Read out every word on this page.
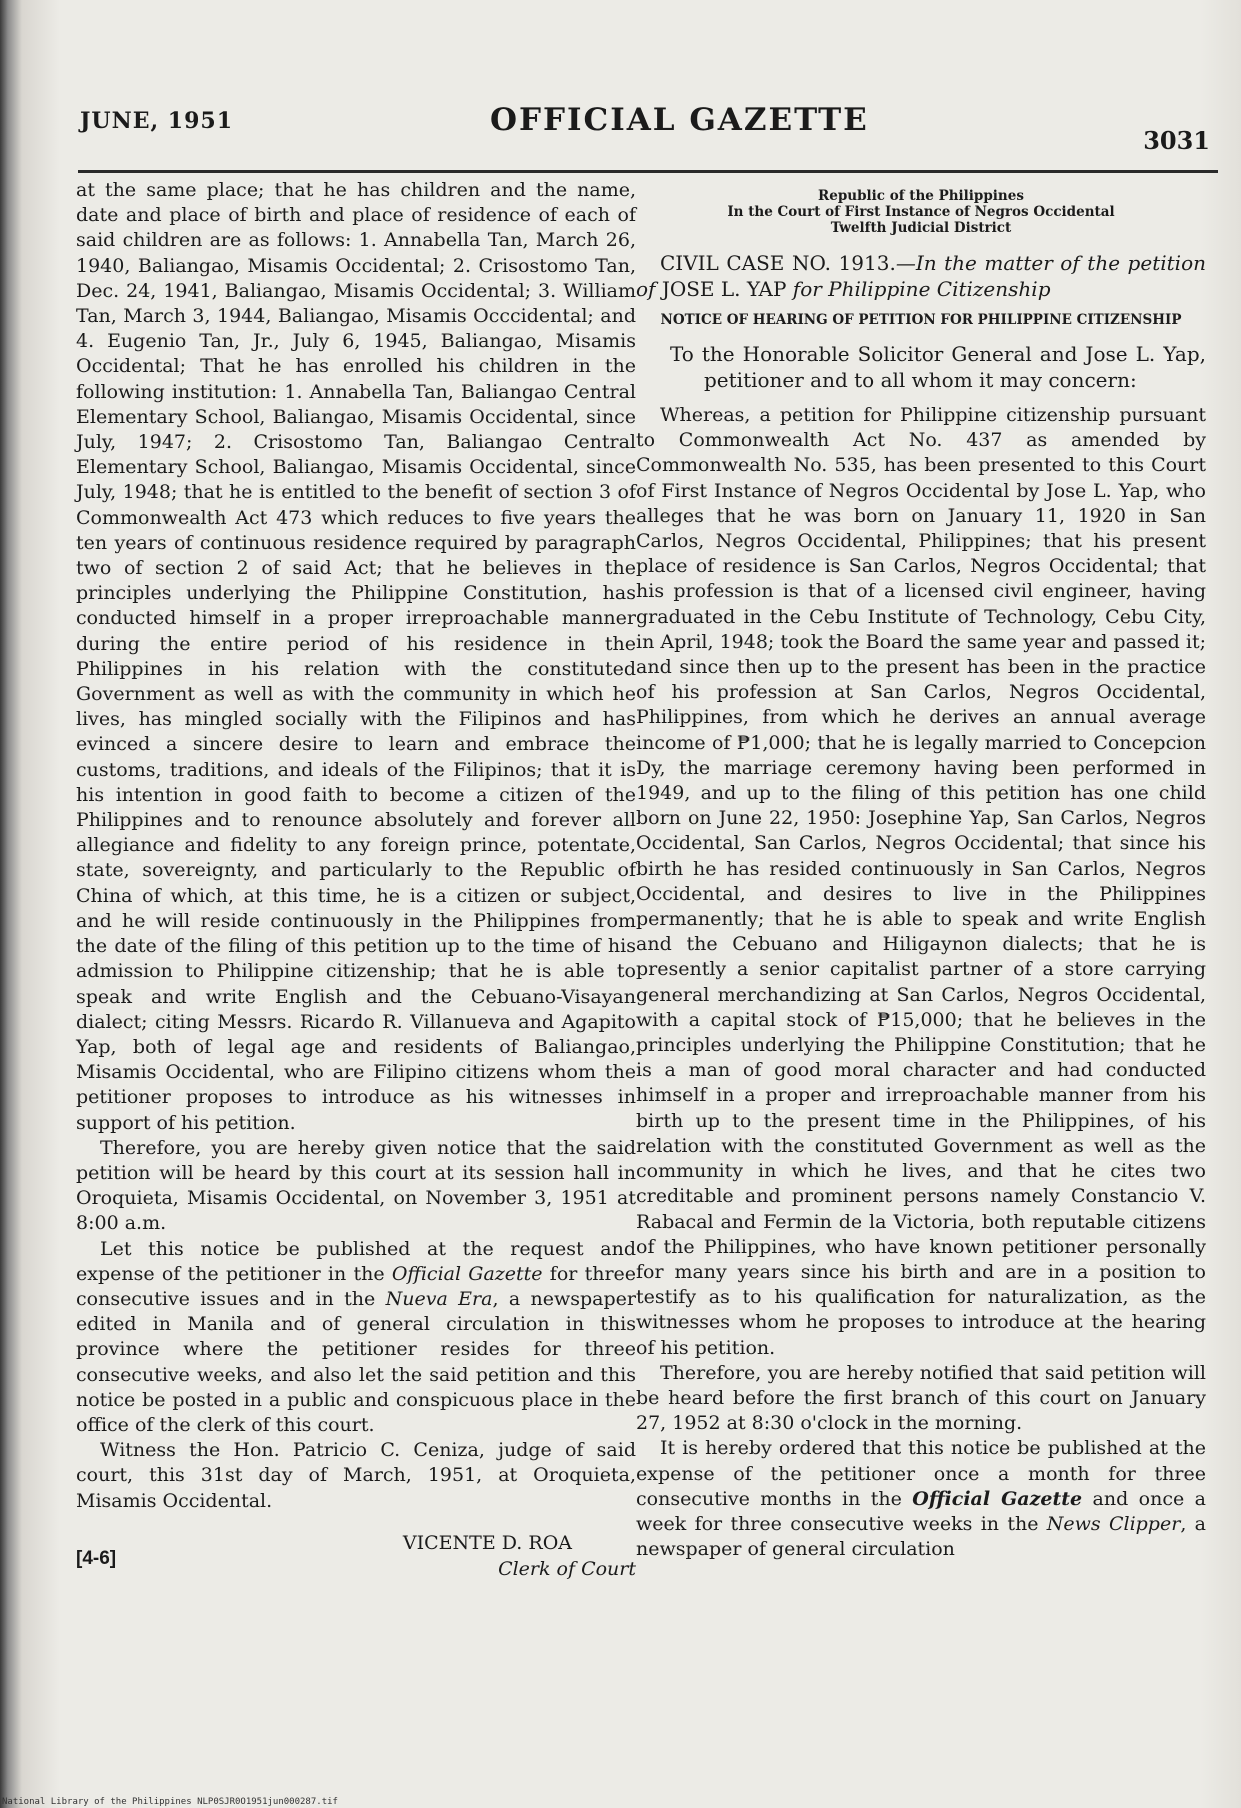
JUNE, 1951	OFFICIAL GAZETTE
3031

at the same place; that he has children and the name, date and place of birth and place of residence of each of said children are as follows: 1. Annabella Tan, March 26, 1940, Baliangao, Misamis Occidental; 2. Crisostomo Tan, Dec. 24, 1941, Baliangao, Misamis Occidental; 3. William Tan, March 3, 1944, Baliangao, Misamis Occcidental; and 4. Eugenio Tan, Jr., July 6, 1945, Baliangao, Misamis Occidental; That he has enrolled his children in the following institution: 1. Annabella Tan, Baliangao Central Elementary School, Baliangao, Misamis Occidental, since July, 1947; 2. Crisostomo Tan, Baliangao Central Elementary School, Baliangao, Misamis Occidental, since July, 1948; that he is entitled to the benefit of section 3 of Commonwealth Act 473 which reduces to five years the ten years of continuous residence required by paragraph two of section 2 of said Act; that he believes in the principles underlying the Philippine Constitution, has conducted himself in a proper irreproachable manner during the entire period of his residence in the Philippines in his relation with the constituted Government as well as with the community in which he lives, has mingled socially with the Filipinos and has evinced a sincere desire to learn and embrace the customs, traditions, and ideals of the Filipinos; that it is his intention in good faith to become a citizen of the Philippines and to renounce absolutely and forever all allegiance and fidelity to any foreign prince, potentate, state, sovereignty, and particularly to the Republic of China of which, at this time, he is a citizen or subject, and he will reside continuously in the Philippines from the date of the filing of this petition up to the time of his admission to Philippine citizenship; that he is able to speak and write English and the Cebuano-Visayan dialect; citing Messrs. Ricardo R. Villanueva and Agapito Yap, both of legal age and residents of Baliangao, Misamis Occidental, who are Filipino citizens whom the petitioner proposes to introduce as his witnesses in support of his petition.

Therefore, you are hereby given notice that the said petition will be heard by this court at its session hall in Oroquieta, Misamis Occidental, on November 3, 1951 at 8:00 a.m.

Let this notice be published at the request and expense of the petitioner in the Official Gazette for three consecutive issues and in the Nueva Era, a newspaper edited in Manila and of general circulation in this province where the petitioner resides for three consecutive weeks, and also let the said petition and this notice be posted in a public and conspicuous place in the office of the clerk of this court.

Witness the Hon. Patricio C. Ceniza, judge of said court, this 31st day of March, 1951, at Oroquieta, Misamis Occidental.

[4-6]
VICENTE D. ROA
Clerk of Court
Republic of the Philippines
In the Court of First Instance of Negros Occidental
Twelfth Judicial District

CIVIL CASE NO. 1913.—In the matter of the petition of JOSE L. YAP for Philippine Citizenship

NOTICE OF HEARING OF PETITION FOR PHILIPPINE CITIZENSHIP

To the Honorable Solicitor General and Jose L. Yap, petitioner and to all whom it may concern:

Whereas, a petition for Philippine citizenship pursuant to Commonwealth Act No. 437 as amended by Commonwealth No. 535, has been presented to this Court of First Instance of Negros Occidental by Jose L. Yap, who alleges that he was born on January 11, 1920 in San Carlos, Negros Occidental, Philippines; that his present place of residence is San Carlos, Negros Occidental; that his profession is that of a licensed civil engineer, having graduated in the Cebu Institute of Technology, Cebu City, in April, 1948; took the Board the same year and passed it; and since then up to the present has been in the practice of his profession at San Carlos, Negros Occidental, Philippines, from which he derives an annual average income of ₱1,000; that he is legally married to Concepcion Dy, the marriage ceremony having been performed in 1949, and up to the filing of this petition has one child born on June 22, 1950: Josephine Yap, San Carlos, Negros Occidental, San Carlos, Negros Occidental; that since his birth he has resided continuously in San Carlos, Negros Occidental, and desires to live in the Philippines permanently; that he is able to speak and write English and the Cebuano and Hiligaynon dialects; that he is presently a senior capitalist partner of a store carrying general merchandizing at San Carlos, Negros Occidental, with a capital stock of ₱15,000; that he believes in the principles underlying the Philippine Constitution; that he is a man of good moral character and had conducted himself in a proper and irreproachable manner from his birth up to the present time in the Philippines, of his relation with the constituted Government as well as the community in which he lives, and that he cites two creditable and prominent persons namely Constancio V. Rabacal and Fermin de la Victoria, both reputable citizens of the Philippines, who have known petitioner personally for many years since his birth and are in a position to testify as to his qualification for naturalization, as the witnesses whom he proposes to introduce at the hearing of his petition.

Therefore, you are hereby notified that said petition will be heard before the first branch of this court on January 27, 1952 at 8:30 o'clock in the morning.

It is hereby ordered that this notice be published at the expense of the petitioner once a month for three consecutive months in the Official Gazette and once a week for three consecutive weeks in the News Clipper, a newspaper of general circulation

National Library of the Philippines NLP0SJR0O1951jun000287.tif
